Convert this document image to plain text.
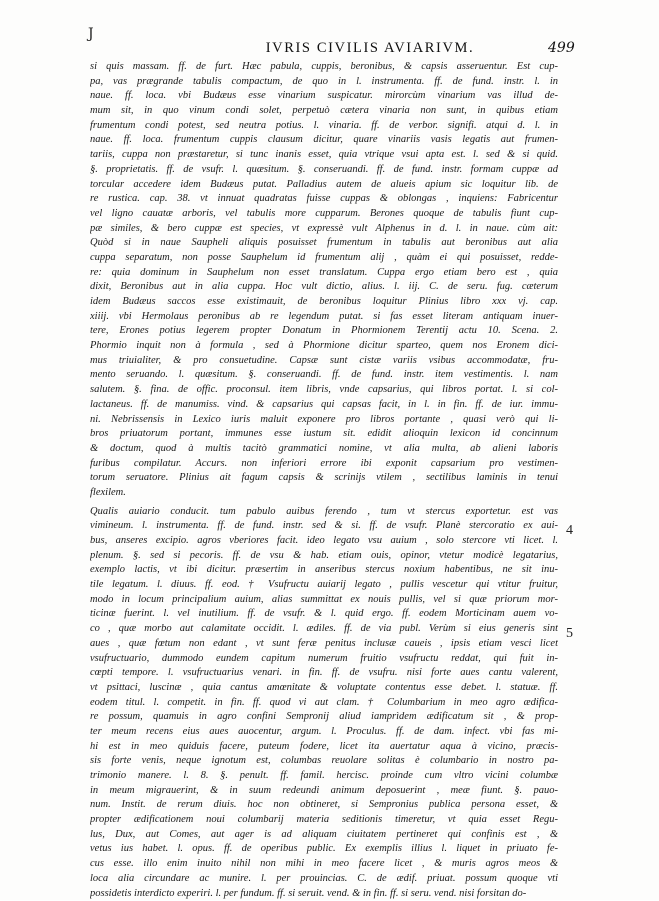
J
IVRIS CIVILIS AVIARIVM.	499
si quis massam. ff. de furt. Hæc pabula, cuppis, beronibus, & capsis asseruentur. Est cup-
pa, vas prægrande tabulis compactum, de quo in l. instrumenta. ff. de fund. instr. l. in
naue. ff. loca. vbi Budæus esse vinarium suspicatur. mirorcùm vinarium vas illud de-
mum sit, in quo vinum condi solet, perpetuò cætera vinaria non sunt, in quibus etiam
frumentum condi potest, sed neutra potius. l. vinaria. ff. de verbor. signifi. atqui d. l. in
naue. ff. loca. frumentum cuppis clausum dicitur, quare vinariis vasis legatis aut frumen-
tariis, cuppa non præstaretur, si tunc inanis esset, quia vtrique vsui apta est. l. sed & si quid.
§. proprietatis. ff. de vsufr. l. quæsitum. §. conseruandi. ff. de fund. instr. formam cuppæ ad
torcular accedere idem Budæus putat. Palladius autem de alueis apium sic loquitur lib. de
re rustica. cap. 38. vt innuat quadratas fuisse cuppas & oblongas , inquiens: Fabricentur
vel ligno cauatæ arboris, vel tabulis more cupparum. Berones quoque de tabulis fiunt cup-
pæ similes, & bero cuppæ est species, vt expressè vult Alphenus in d. l. in naue. cùm ait:
Quòd si in naue Saupheli aliquis posuisset frumentum in tabulis aut beronibus aut alia
cuppa separatum, non posse Sauphelum id frumentum alij , quàm ei qui posuisset, redde-
re: quia dominum in Sauphelum non esset translatum. Cuppa ergo etiam bero est , quia
dixit, Beronibus aut in alia cuppa. Hoc vult dictio, alius. l. iij. C. de seru. fug. cæterum
idem Budæus saccos esse existimauit, de beronibus loquitur Plinius libro xxx vj. cap.
xiiij. vbi Hermolaus peronibus ab re legendum putat. si fas esset literam antiquam inuer-
tere, Erones potius legerem propter Donatum in Phormionem Terentij actu 10. Scena. 2.
Phormio inquit non à formula , sed à Phormione dicitur sparteo, quem nos Eronem dici-
mus triuialiter, & pro consuetudine. Capsæ sunt cistæ variis vsibus accommodatæ, fru-
mento seruando. l. quæsitum. §. conseruandi. ff. de fund. instr. item vestimentis. l. nam
salutem. §. fina. de offic. proconsul. item libris, vnde capsarius, qui libros portat. l. si col-
lactaneus. ff. de manumiss. vind. & capsarius qui capsas facit, in l. in fin. ff. de iur. immu-
ni. Nebrissensis in Lexico iuris maluit exponere pro libros portante , quasi verò qui li-
bros priuatorum portant, immunes esse iustum sit. edidit alioquin lexicon id concinnum
& doctum, quod à multis tacitò grammatici nomine, vt alia multa, ab alieni laboris
furibus compilatur. Accurs. non inferiori errore ibi exponit capsarium pro vestimen-
torum seruatore. Plinius ait fagum capsis & scrinijs vtilem , sectilibus laminis in tenui
flexilem.
Qualis auiario conducit. tum pabulo auibus ferendo , tum vt stercus exportetur. est vas
vimineum. l. instrumenta. ff. de fund. instr. sed & si. ff. de vsufr. Planè stercoratio ex aui-
bus, anseres excipio. agros vberiores facit. ideo legato vsu auium , solo stercore vti licet. l.
plenum. §. sed si pecoris. ff. de vsu & hab. etiam ouis, opinor, vtetur modicè legatarius,
exemplo lactis, vt ibi dicitur. præsertim in anseribus stercus noxium habentibus, ne sit inu-
tile legatum. l. diuus. ff. eod. † Vsufructu auiarij legato , pullis vescetur qui vtitur fruitur,
modo in locum principalium auium, alias summittat ex nouis pullis, vel si quæ priorum mor-
ticinæ fuerint. l. vel inutilium. ff. de vsufr. & l. quid ergo. ff. eodem Morticinam auem vo-
co , quæ morbo aut calamitate occidit. l. ædiles. ff. de via publ. Verùm si eius generis sint
aues , quæ fœtum non edant , vt sunt feræ penitus inclusæ caueis , ipsis etiam vesci licet
vsufructuario, dummodo eundem capitum numerum fruitio vsufructu reddat, qui fuit in-
cœpti tempore. l. vsufructuarius venari. in fin. ff. de vsufru. nisi forte aues cantu valerent,
vt psittaci, luscinæ , quia cantus amœnitate & voluptate contentus esse debet. l. statuæ. ff.
eodem titul. l. competit. in fin. ff. quod vi aut clam. † Columbarium in meo agro ædifica-
re possum, quamuis in agro confini Sempronij aliud iamprìdem ædificatum sit , & prop-
ter meum recens eius aues auocentur, argum. l. Proculus. ff. de dam. infect. vbi fas mi-
hi est in meo quiduis facere, puteum fodere, licet ita auertatur aqua à vicino, præcis-
sis forte venis, neque ignotum est, columbas reuolare solitas è columbario in nostro pa-
trimonio manere. l. 8. §. penult. ff. famil. hercisc. proinde cum vltro vicini columbæ
in meum migrauerint, & in suum redeundi animum deposuerint , meæ fiunt. §. pauo-
num. Instit. de rerum diuis. hoc non obtineret, si Sempronius publica persona esset, &
propter ædificationem noui columbarij materia seditionis timeretur, vt quia esset Regu-
lus, Dux, aut Comes, aut ager is ad aliquam ciuitatem pertineret qui confinis est , &
vetus ius habet. l. opus. ff. de operibus public. Ex exemplis illius l. liquet in priuato fe-
cus esse. illo enim inuito nihil non mihi in meo facere licet , & muris agros meos &
loca alia circundare ac munire. l. per prouincias. C. de ædif. priuat. possum quoque vti
possidetis interdicto experiri. l. per fundum. ff. si seruit. vend. & in fin. ff. si seru. vend. nisi forsitan do-
4
5
